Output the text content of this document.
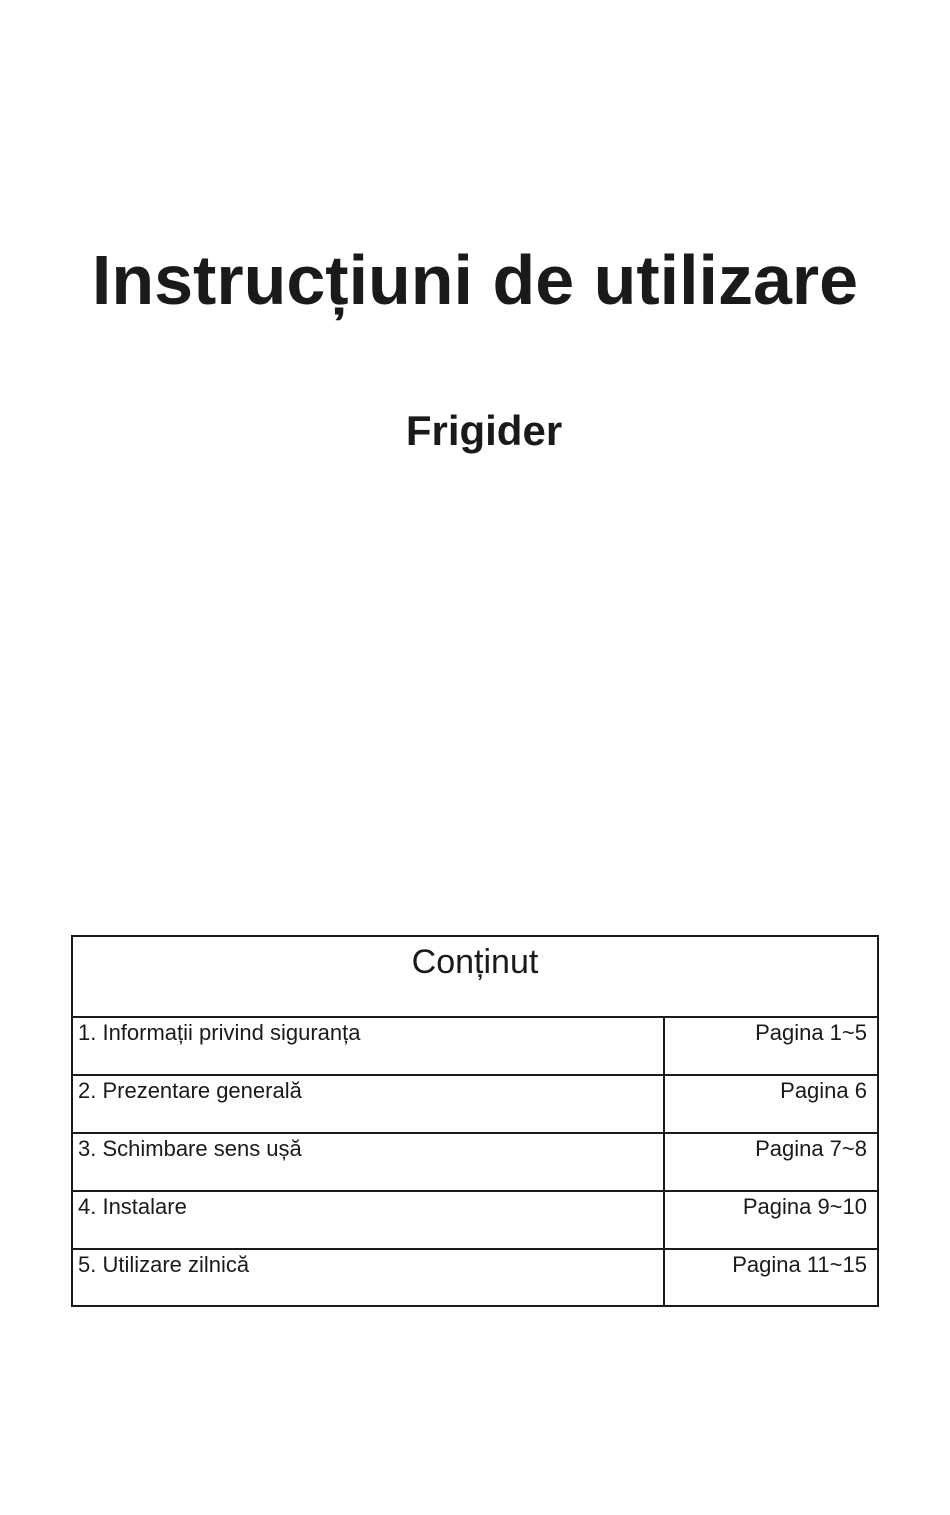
Instrucțiuni de utilizare
Frigider
Conținut
1. Informații privind siguranța	Pagina 1~5
2. Prezentare generală	Pagina 6
3. Schimbare sens ușă	Pagina 7~8
4. Instalare	Pagina 9~10
5. Utilizare zilnică	Pagina 11~15
